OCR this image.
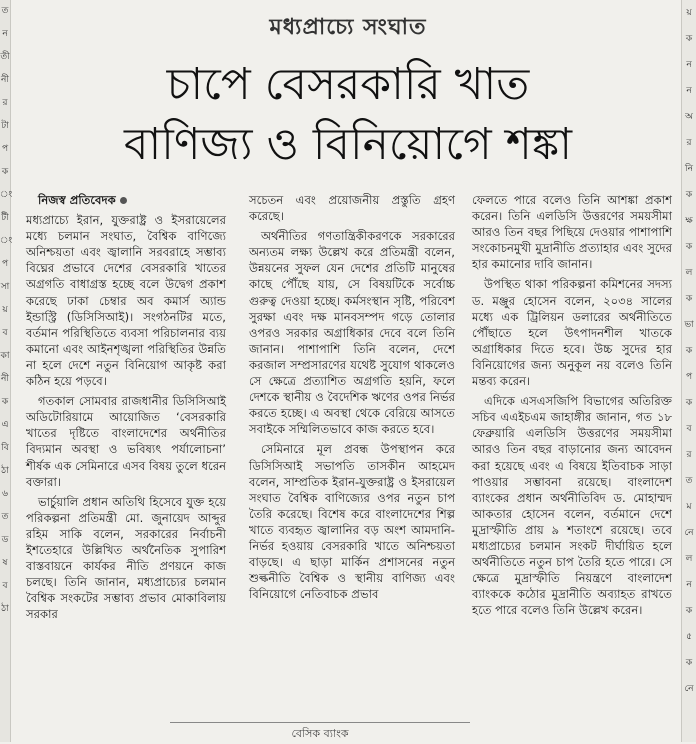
ত
ন
তী
নী
র
টা
প
ক
ং
টী
ং
প
সা
য়
ব
কা
নী
ক
এ
বি
ঠা
৬
ত
ড
ষ
ব
ঠা
য়
ক
ন
ন
অ
র
নি
ক
ক্ষ
ক
ল
ক
ভা
ক
প
ক
ব
র
ত
ম
নে
ল
ন
ক
৫
ক
নে
মধ্যপ্রাচ্যে সংঘাত
চাপে বেসরকারি খাত
বাণিজ্য ও বিনিয়োগে শঙ্কা

নিজস্ব প্রতিবেদক

মধ্যপ্রাচ্যে ইরান, যুক্তরাষ্ট্র ও ইসরায়েলের মধ্যে চলমান সংঘাত, বৈশ্বিক বাণিজ্যে অনিশ্চয়তা এবং জ্বালানি সরবরাহে সম্ভাব্য বিঘ্নের প্রভাবে দেশের বেসরকারি খাতের অগ্রগতি বাধাগ্রস্ত হচ্ছে বলে উদ্বেগ প্রকাশ করেছে ঢাকা চেম্বার অব কমার্স অ্যান্ড ইন্ডাস্ট্রি (ডিসিসিআই)। সংগঠনটির মতে, বর্তমান পরিস্থিতিতে ব্যবসা পরিচালনার ব্যয় কমানো এবং আইনশৃঙ্খলা পরিস্থিতির উন্নতি না হলে দেশে নতুন বিনিয়োগ আকৃষ্ট করা কঠিন হয়ে পড়বে।

গতকাল সোমবার রাজধানীর ডিসিসিআই অডিটোরিয়ামে আয়োজিত ‘বেসরকারি খাতের দৃষ্টিতে বাংলাদেশের অর্থনীতির বিদ্যমান অবস্থা ও ভবিষ্যৎ পর্যালোচনা’ শীর্ষক এক সেমিনারে এসব বিষয় তুলে ধরেন বক্তারা।

ভার্চুয়ালি প্রধান অতিথি হিসেবে যুক্ত হয়ে পরিকল্পনা প্রতিমন্ত্রী মো. জুনায়েদ আব্দুর রহিম সাকি বলেন, সরকারের নির্বাচনী ইশতেহারে উল্লিখিত অর্থনৈতিক সুপারিশ বাস্তবায়নে কার্যকর নীতি প্রণয়নে কাজ চলছে। তিনি জানান, মধ্যপ্রাচ্যের চলমান বৈশ্বিক সংকটের সম্ভাব্য প্রভাব মোকাবিলায় সরকার

সচেতন এবং প্রয়োজনীয় প্রস্তুতি গ্রহণ করেছে।

অর্থনীতির গণতান্ত্রিকীকরণকে সরকারের অন্যতম লক্ষ্য উল্লেখ করে প্রতিমন্ত্রী বলেন, উন্নয়নের সুফল যেন দেশের প্রতিটি মানুষের কাছে পৌঁছে যায়, সে বিষয়টিকে সর্বোচ্চ গুরুত্ব দেওয়া হচ্ছে। কর্মসংস্থান সৃষ্টি, পরিবেশ সুরক্ষা এবং দক্ষ মানবসম্পদ গড়ে তোলার ওপরও সরকার অগ্রাধিকার দেবে বলে তিনি জানান। পাশাপাশি তিনি বলেন, দেশে করজাল সম্প্রসারণের যথেষ্ট সুযোগ থাকলেও সে ক্ষেত্রে প্রত্যাশিত অগ্রগতি হয়নি, ফলে দেশকে স্থানীয় ও বৈদেশিক ঋণের ওপর নির্ভর করতে হচ্ছে। এ অবস্থা থেকে বেরিয়ে আসতে সবাইকে সম্মিলিতভাবে কাজ করতে হবে।

সেমিনারে মূল প্রবন্ধ উপস্থাপন করে ডিসিসিআই সভাপতি তাসকীন আহমেদ বলেন, সাম্প্রতিক ইরান-যুক্তরাষ্ট্র ও ইসরায়েল সংঘাত বৈশ্বিক বাণিজ্যের ওপর নতুন চাপ তৈরি করেছে। বিশেষ করে বাংলাদেশের শিল্প খাতে ব্যবহৃত জ্বালানির বড় অংশ আমদানি-নির্ভর হওয়ায় বেসরকারি খাতে অনিশ্চয়তা বাড়ছে। এ ছাড়া মার্কিন প্রশাসনের নতুন শুল্কনীতি বৈশ্বিক ও স্থানীয় বাণিজ্য এবং বিনিয়োগে নেতিবাচক প্রভাব

ফেলতে পারে বলেও তিনি আশঙ্কা প্রকাশ করেন। তিনি এলডিসি উত্তরণের সময়সীমা আরও তিন বছর পিছিয়ে দেওয়ার পাশাপাশি সংকোচনমুখী মুদ্রানীতি প্রত্যাহার এবং সুদের হার কমানোর দাবি জানান।

উপস্থিত থাকা পরিকল্পনা কমিশনের সদস্য ড. মঞ্জুর হোসেন বলেন, ২০৩৪ সালের মধ্যে এক ট্রিলিয়ন ডলারের অর্থনীতিতে পৌঁছাতে হলে উৎপাদনশীল খাতকে অগ্রাধিকার দিতে হবে। উচ্চ সুদের হার বিনিয়োগের জন্য অনুকূল নয় বলেও তিনি মন্তব্য করেন।

এদিকে এসএসজিপি বিভাগের অতিরিক্ত সচিব এএইচএম জাহাঙ্গীর জানান, গত ১৮ ফেব্রুয়ারি এলডিসি উত্তরণের সময়সীমা আরও তিন বছর বাড়ানোর জন্য আবেদন করা হয়েছে এবং এ বিষয়ে ইতিবাচক সাড়া পাওয়ার সম্ভাবনা রয়েছে। বাংলাদেশ ব্যাংকের প্রধান অর্থনীতিবিদ ড. মোহাম্মদ আকতার হোসেন বলেন, বর্তমানে দেশে মুদ্রাস্ফীতি প্রায় ৯ শতাংশে রয়েছে। তবে মধ্যপ্রাচ্যের চলমান সংকট দীর্ঘায়িত হলে অর্থনীতিতে নতুন চাপ তৈরি হতে পারে। সে ক্ষেত্রে মুদ্রাস্ফীতি নিয়ন্ত্রণে বাংলাদেশ ব্যাংককে কঠোর মুদ্রানীতি অব্যাহত রাখতে হতে পারে বলেও তিনি উল্লেখ করেন।

বেসিক ব্যাংক
